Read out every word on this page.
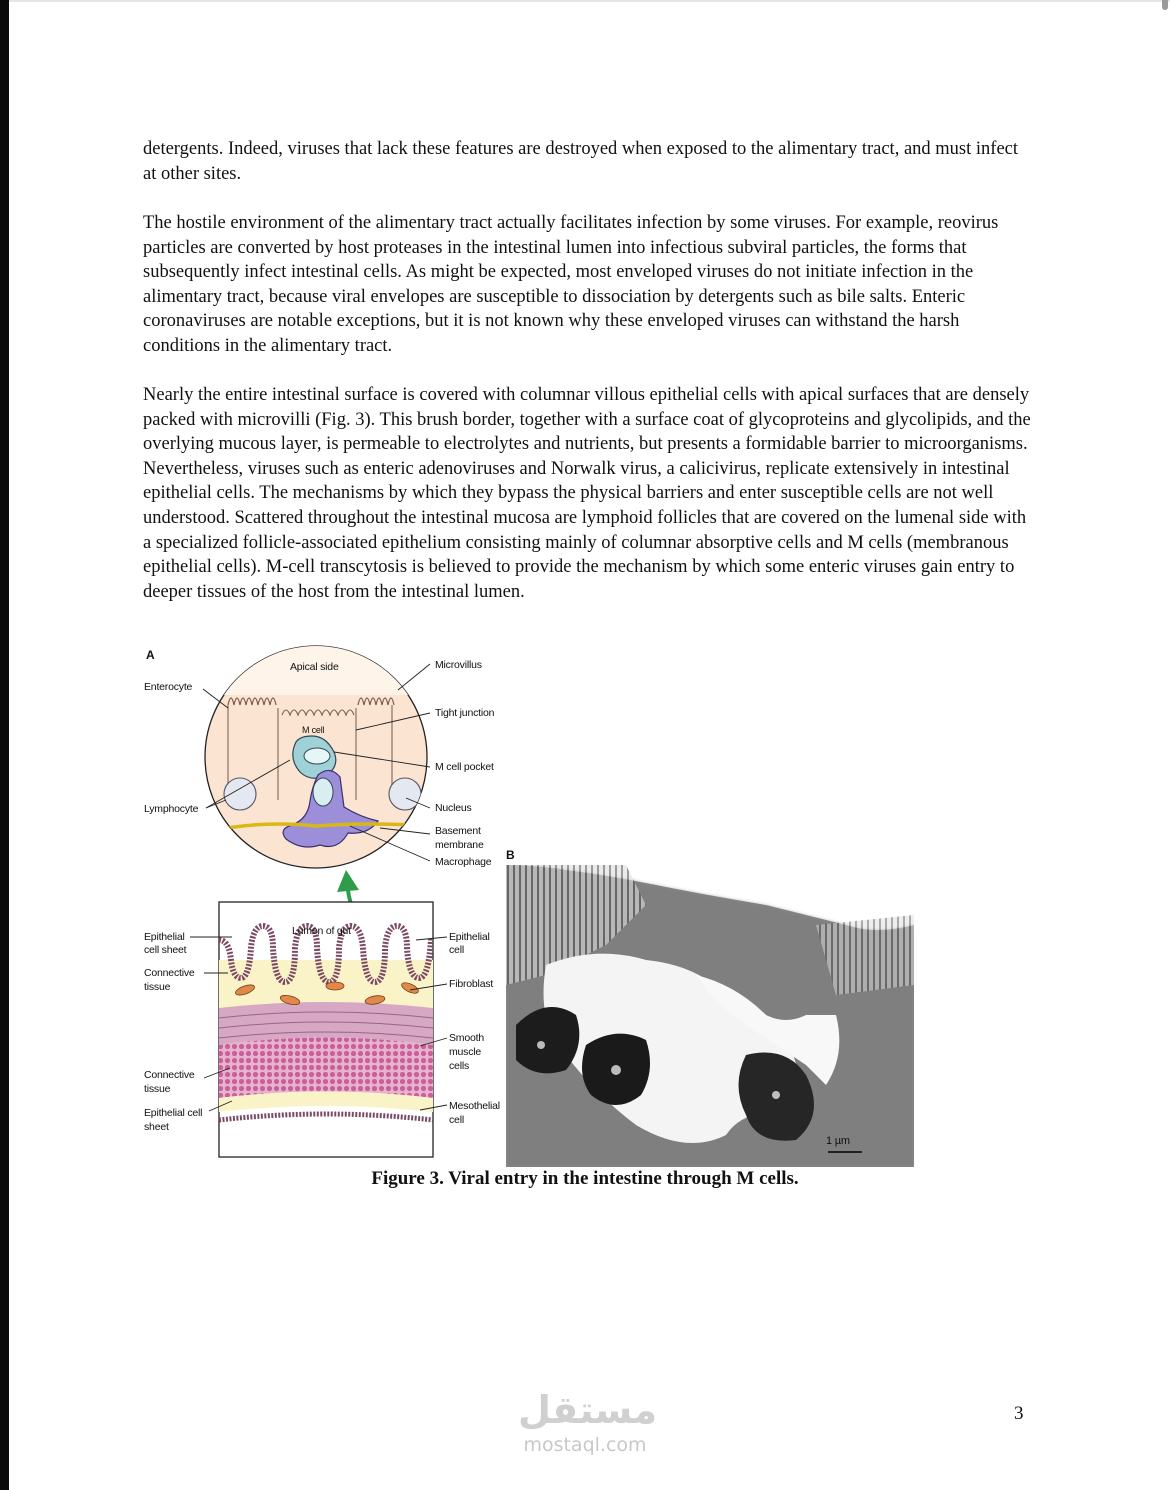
detergents. Indeed, viruses that lack these features are destroyed when exposed to the alimentary tract, and must infect at other sites.

The hostile environment of the alimentary tract actually facilitates infection by some viruses. For example, reovirus particles are converted by host proteases in the intestinal lumen into infectious subviral particles, the forms that subsequently infect intestinal cells. As might be expected, most enveloped viruses do not initiate infection in the alimentary tract, because viral envelopes are susceptible to dissociation by detergents such as bile salts. Enteric coronaviruses are notable exceptions, but it is not known why these enveloped viruses can withstand the harsh conditions in the alimentary tract.

Nearly the entire intestinal surface is covered with columnar villous epithelial cells with apical surfaces that are densely packed with microvilli (Fig. 3). This brush border, together with a surface coat of glycoproteins and glycolipids, and the overlying mucous layer, is permeable to electrolytes and nutrients, but presents a formidable barrier to microorganisms. Nevertheless, viruses such as enteric adenoviruses and Norwalk virus, a calicivirus, replicate extensively in intestinal epithelial cells. The mechanisms by which they bypass the physical barriers and enter susceptible cells are not well understood. Scattered throughout the intestinal mucosa are lymphoid follicles that are covered on the lumenal side with a specialized follicle-associated epithelium consisting mainly of columnar absorptive cells and M cells (membranous epithelial cells). M-cell transcytosis is believed to provide the mechanism by which some enteric viruses gain entry to deeper tissues of the host from the intestinal lumen.

A
B
Apical side
M cell
Enterocyte
Lymphocyte
Microvillus
Tight junction
M cell pocket
Nucleus
Basement
membrane
Macrophage
Lumen of gut
Epithelial
cell sheet
Connective
tissue
Connective
tissue
Epithelial cell
sheet
Epithelial
cell
Fibroblast
Smooth
muscle
cells
Mesothelial
cell
1 µm
Figure 3. Viral entry in the intestine through M cells.
مستقل
mostaql.com
3
